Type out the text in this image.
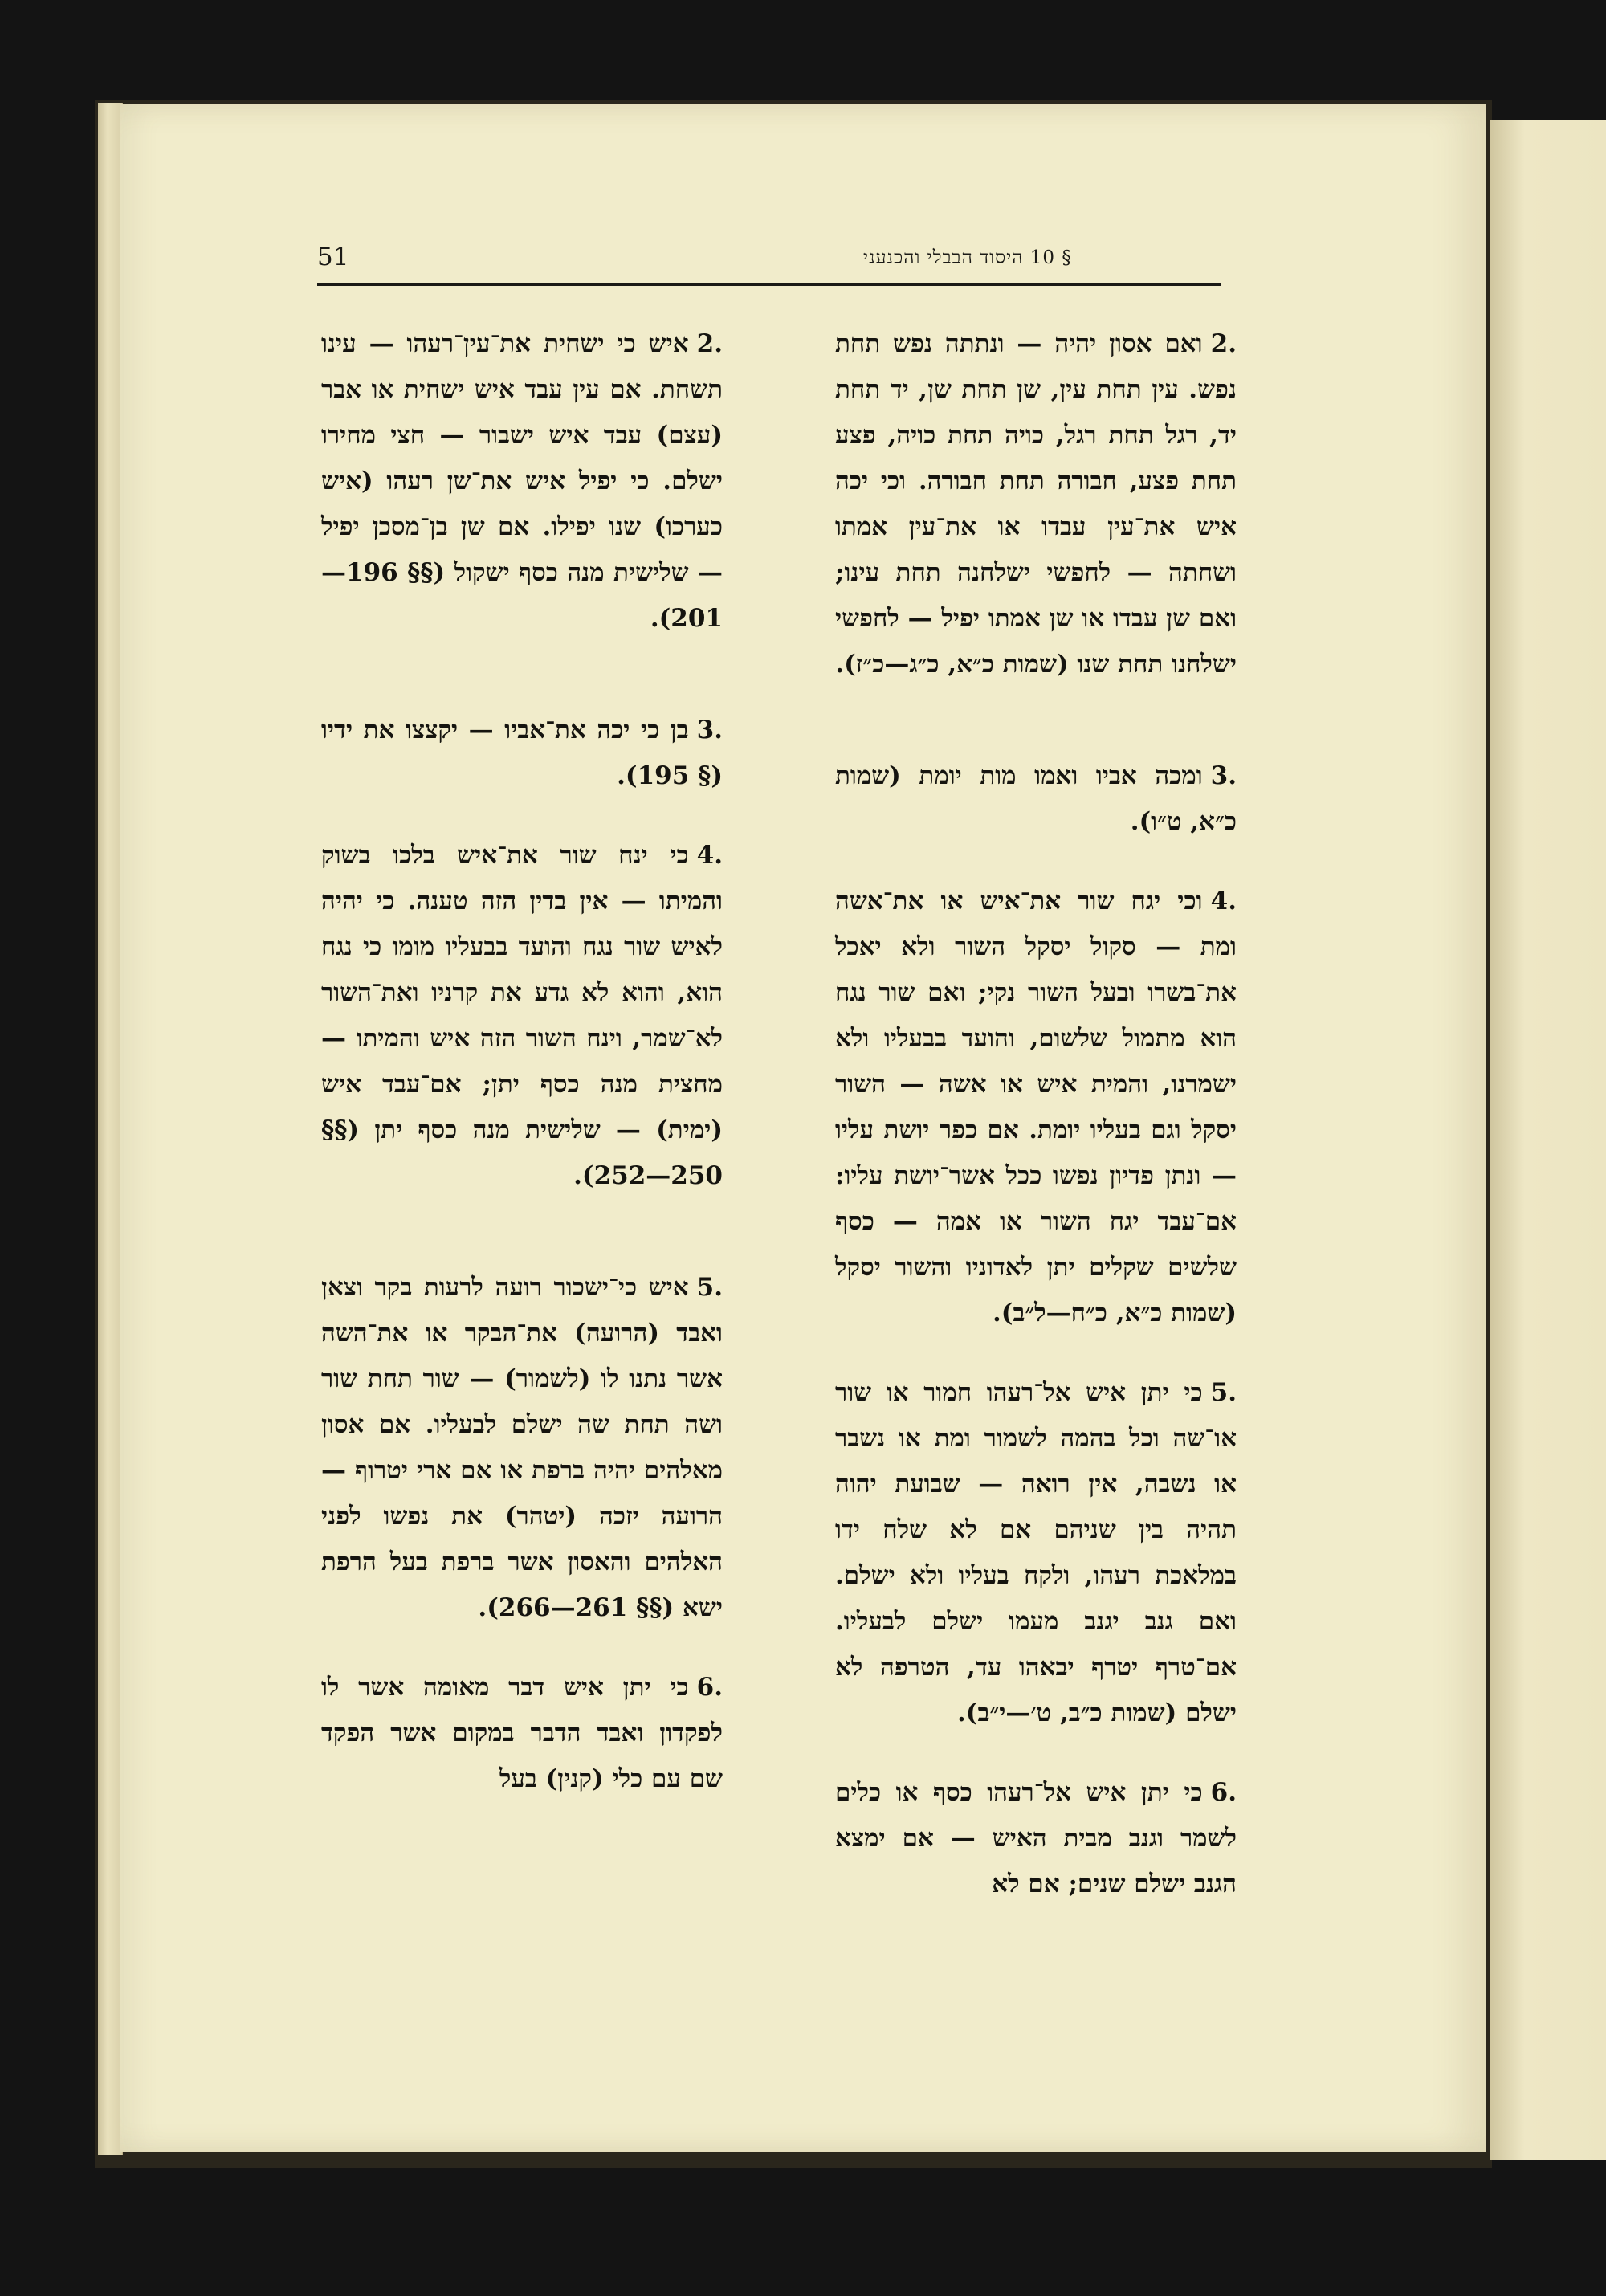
51	§ 10 היסוד הבבלי והכנעני

.2ואם אסון יהיה — ונתתה נפש תחת נפש. עין תחת עין, שן תחת שן, יד תחת יד, רגל תחת רגל, כויה תחת כויה, פצע תחת פצע, חבורה תחת חבורה. וכי יכה איש את־עין עבדו או את־עין אמתו ושחתה — לחפשי ישלחנה תחת עינו; ואם שן עבדו או שן אמתו יפיל — לחפשי ישלחנו תחת שנו (שמות כ״א, כ״ג—כ״ז).

.3ומכה אביו ואמו מות יומת (שמות כ״א, ט״ו).

.4וכי יגח שור את־איש או את־אשה ומת — סקול יסקל השור ולא יאכל את־בשרו ובעל השור נקי; ואם שור נגח הוא מתמול שלשום, והועד בבעליו ולא ישמרנו, והמית איש או אשה — השור יסקל וגם בעליו יומת. אם כפר יושת עליו — ונתן פדיון נפשו ככל אשר־יושת עליו: אם־עבד יגח השור או אמה — כסף שלשים שקלים יתן לאדוניו והשור יסקל (שמות כ״א, כ״ח—ל״ב).

.5כי יתן איש אל־רעהו חמור או שור או־שה וכל בהמה לשמור ומת או נשבר או נשבה, אין רואה — שבועת יהוה תהיה בין שניהם אם לא שלח ידו במלאכת רעהו, ולקח בעליו ולא ישלם. ואם גנב יגנב מעמו ישלם לבעליו. אם־טרף יטרף יבאהו עד, הטרפה לא ישלם (שמות כ״ב, ט׳—י״ב).

.6כי יתן איש אל־רעהו כסף או כלים לשמר וגנב מבית האיש — אם ימצא הגנב ישלם שנים; אם לא

.2איש כי ישחית את־עין־רעהו — עינו תשחת. אם עין עבד איש ישחית או אבר (עצם) עבד איש ישבור — חצי מחירו ישלם. כי יפיל איש את־שן רעהו (איש כערכו) שנו יפילו. אם שן בן־מסכן יפיל — שלישית מנה כסף ישקול (§§ 196—201).

.3בן כי יכה את־אביו — יקצצו את ידיו (§ 195).

.4כי ינח שור את־איש בלכו בשוק והמיתו — אין בדין הזה טענה. כי יהיה לאיש שור נגח והועד בבעליו מומו כי נגח הוא, והוא לא גדע את קרניו ואת־השור לא־שמר, וינח השור הזה איש והמיתו — מחצית מנה כסף יתן; אם־עבד איש (ימית) — שלישית מנה כסף יתן (§§ 250—252).

.5איש כי־ישכור רועה לרעות בקר וצאן ואבד (הרועה) את־הבקר או את־השה אשר נתנו לו (לשמור) — שור תחת שור ושה תחת שה ישלם לבעליו. אם אסון מאלהים יהיה ברפת או אם ארי יטרוף — הרועה יזכה (יטהר) את נפשו לפני האלהים והאסון אשר ברפת בעל הרפת ישא (§§ 261—266).

.6כי יתן איש דבר מאומה אשר לו לפקדון ואבד הדבר במקום אשר הפקד שם עם כלי (קנין) בעל
